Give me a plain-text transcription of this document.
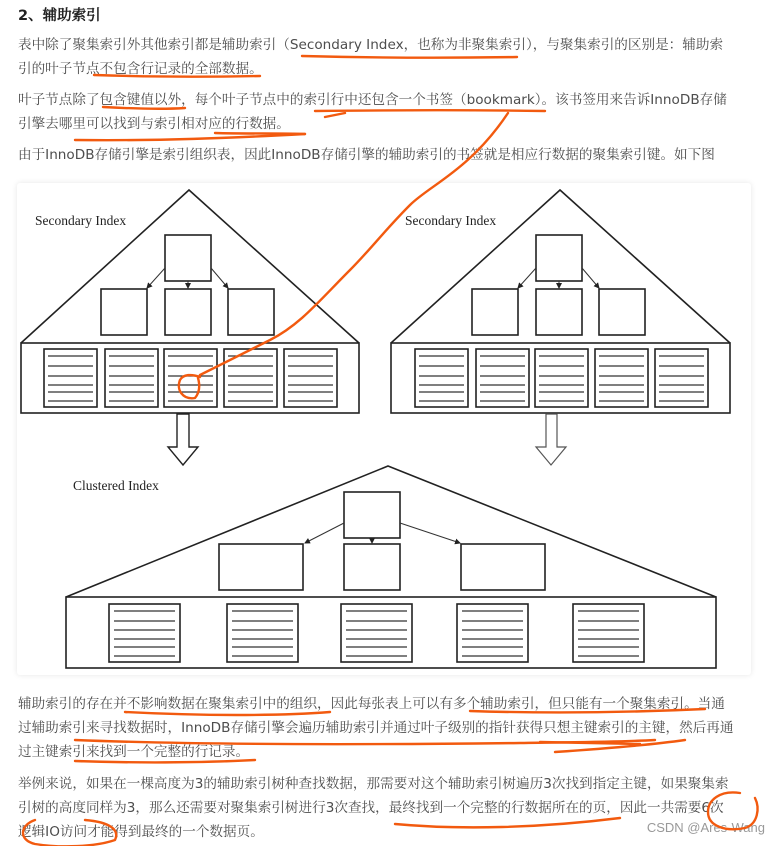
2、辅助索引
表中除了聚集索引外其他索引都是辅助索引（Secondary Index，也称为非聚集索引），与聚集索引的区别是：辅助索
引的叶子节点不包含行记录的全部数据。
叶子节点除了包含键值以外，每个叶子节点中的索引行中还包含一个书签（bookmark）。该书签用来告诉InnoDB存储
引擎去哪里可以找到与索引相对应的行数据。
由于InnoDB存储引擎是索引组织表，因此InnoDB存储引擎的辅助索引的书签就是相应行数据的聚集索引键。如下图
Secondary Index	Secondary Index
Clustered Index
辅助索引的存在并不影响数据在聚集索引中的组织，因此每张表上可以有多个辅助索引，但只能有一个聚集索引。当通
过辅助索引来寻找数据时，InnoDB存储引擎会遍历辅助索引并通过叶子级别的指针获得只想主键索引的主键，然后再通
过主键索引来找到一个完整的行记录。
举例来说，如果在一棵高度为3的辅助索引树种查找数据，那需要对这个辅助索引树遍历3次找到指定主键，如果聚集索
引树的高度同样为3，那么还需要对聚集索引树进行3次查找，最终找到一个完整的行数据所在的页，因此一共需要6次
逻辑IO访问才能得到最终的一个数据页。	CSDN @Ares-Wang
